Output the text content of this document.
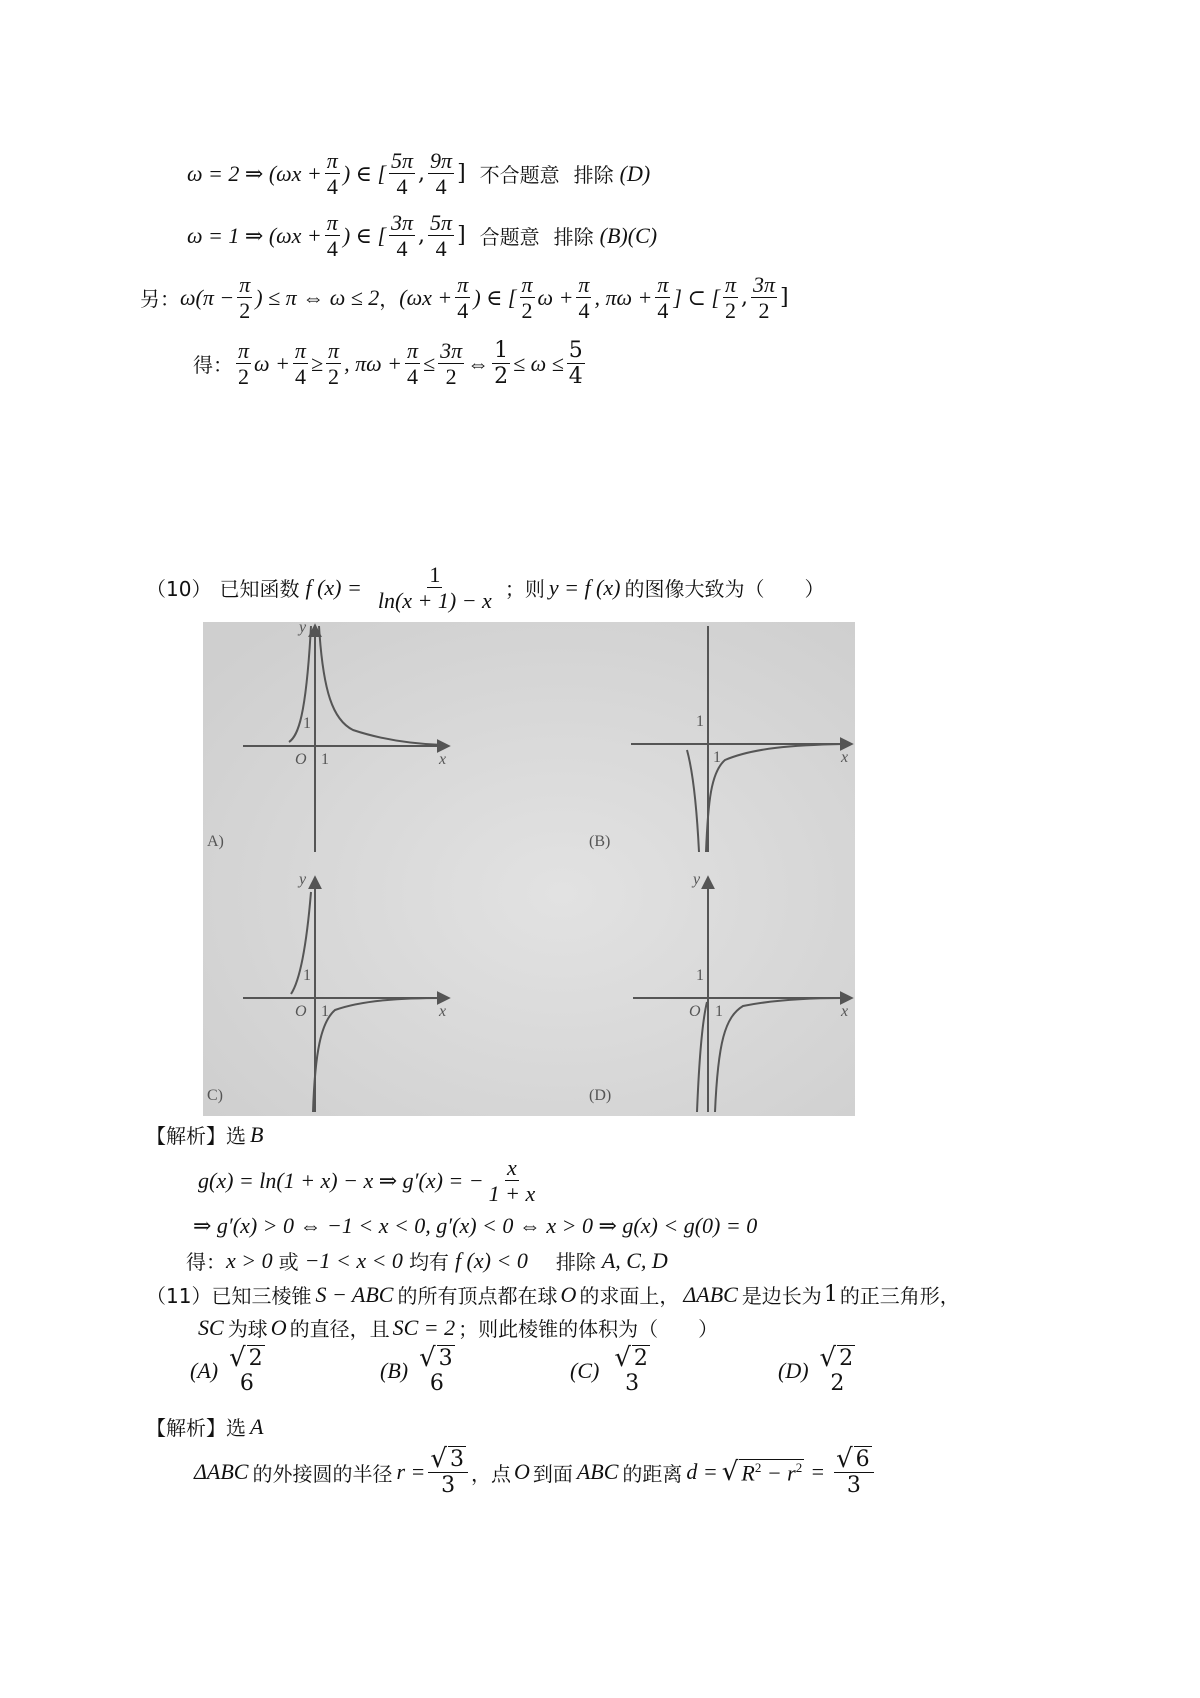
ω = 2 ⇒ ($\omega x + \frac{\pi}{4}$ ) ∈ [ $\frac{5\pi}{4}$ , $\frac{9\pi}{4}$ ] 不合题意 排除 (D)
ω = 1 ⇒ ($\omega x + \frac{\pi}{4}$ ) ∈ [ $\frac{3\pi}{4}$ , $\frac{5\pi}{4}$ ] 合题意 排除 (B)(C)
另： $\omega(\pi - \frac{\pi}{2}$ ) ≤ π ⇔ ω ≤ 2 ， ($\omega x + \frac{\pi}{4}$ ) ∈ [ $\frac{\pi}{2}$ $\omega + \frac{\pi}{4}$ , $\pi\omega + \frac{\pi}{4}$ ] ⊂ [ $\frac{\pi}{2}$ , $\frac{3\pi}{2}$ ]
得： $\frac{\pi}{2}$ $\omega + \frac{\pi}{4} \ge \frac{\pi}{2}$ , $\pi\omega + \frac{\pi}{4} \le \frac{3\pi}{2}$ ⇔ $\frac{1}{2} \le \omega \le \frac{5}{4}$
（10） 已知函数 f $(x) = \frac{1}{\ln(x + 1) - x}$ ；则 y = f (x) 的图像大致为（　　）
O 1
1
x
y
A)
1
1
x
(B)
O 1
1
x
y
C)
O 1
1
x
y
(D)
【解析】选 B
g(x) = ln(1 + x) − x ⇒ g′(x) = − $\frac{x}{1 + x}$
⇒ g′(x) > 0 ⇔ −1 < x < 0, g′(x) < 0 ⇔ x > 0 ⇒ g(x) < g(0) = 0
得： x > 0 或 −1 < x < 0 均有 f (x) < 0 排除 A, C, D
（11） 已知三棱锥 S − ABC 的所有顶点都在球 O 的求面上， ΔABC 是边长为 1 的正三角形，
SC 为球 O 的直径，且 SC = 2 ；则此棱锥的体积为（　　）
(A) √ 2
6
(B) √ 3
6
(C) √ 2
3
(D) √ 2
2
【解析】选 A
ΔABC 的外接圆的半径 $r = \frac{√ 3}{3}$ ，点 O 到面 ABC 的距离 d = √ $R^2 - r^2 = \frac{√ 6}{3}$
